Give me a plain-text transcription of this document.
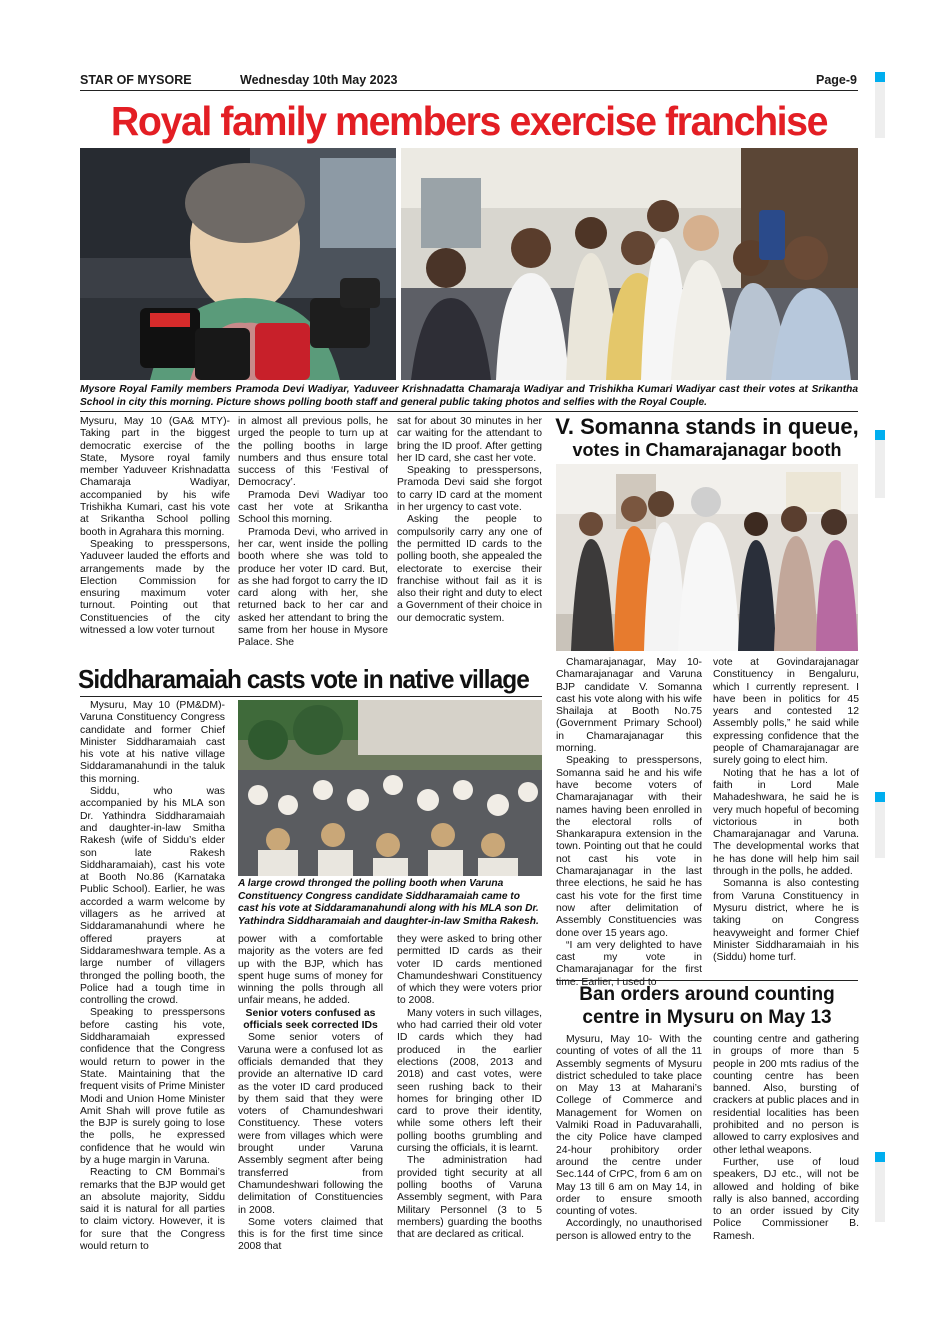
STAR OF MYSORE	Wednesday 10th May 2023	Page-9
Royal family members exercise franchise
Mysore Royal Family members Pramoda Devi Wadiyar, Yaduveer Krishnadatta Chamaraja Wadiyar and Trishikha Kumari Wadiyar cast their votes at Srikantha School in city this morning. Picture shows polling booth staff and general public taking photos and selfies with the Royal Couple.

Mysuru, May 10 (GA& MTY)- Taking part in the biggest democratic exercise of the State, Mysore royal family member Yaduveer Krishnadatta Chamaraja Wadiyar, accompanied by his wife Trishikha Kumari, cast his vote at Srikantha School polling booth in Agrahara this morning.

Speaking to presspersons, Yaduveer lauded the efforts and arrangements made by the Election Commission for ensuring maximum voter turnout. Pointing out that Constituencies of the city witnessed a low voter turnout

in almost all previous polls, he urged the people to turn up at the polling booths in large numbers and thus ensure total success of this ‘Festival of Democracy’.

Pramoda Devi Wadiyar too cast her vote at Srikantha School this morning.

Pramoda Devi, who arrived in her car, went inside the polling booth where she was told to produce her voter ID card. But, as she had forgot to carry the ID card along with her, she returned back to her car and asked her attendant to bring the same from her house in Mysore Palace. She

sat for about 30 minutes in her car waiting for the attendant to bring the ID proof. After getting her ID card, she cast her vote.

Speaking to presspersons, Pramoda Devi said she forgot to carry ID card at the moment in her urgency to cast vote.

Asking the people to compulsorily carry any one of the permitted ID cards to the polling booth, she appealed the electorate to exercise their franchise without fail as it is also their right and duty to elect a Government of their choice in our democratic system.

V. Somanna stands in queue,
votes in Chamarajanagar booth

Chamarajanagar, May 10- Chamarajanagar and Varuna BJP candidate V. Somanna cast his vote along with his wife Shailaja at Booth No.75 (Government Primary School) in Chamarajanagar this morning.

Speaking to presspersons, Somanna said he and his wife have become voters of Chamarajanagar with their names having been enrolled in the electoral rolls of Shankarapura extension in the town. Pointing out that he could not cast his vote in Chamarajanagar in the last three elections, he said he has cast his vote for the first time now after delimitation of Assembly Constituencies was done over 15 years ago.

“I am very delighted to have cast my vote in Chamarajanagar for the first time. Earlier, I used to

vote at Govindarajanagar Constituency in Bengaluru, which I currently represent. I have been in politics for 45 years and contested 12 Assembly polls,” he said while expressing confidence that the people of Chamarajanagar are surely going to elect him.

Noting that he has a lot of faith in Lord Male Mahadeshwara, he said he is very much hopeful of becoming victorious in both Chamarajanagar and Varuna. The developmental works that he has done will help him sail through in the polls, he added.

Somanna is also contesting from Varuna Constituency in Mysuru district, where he is taking on Congress heavyweight and former Chief Minister Siddharamaiah in his (Siddu) home turf.

Siddharamaiah casts vote in native village

Mysuru, May 10 (PM&DM)- Varuna Constituency Congress candidate and former Chief Minister Siddharamaiah cast his vote at his native village Siddaramanahundi in the taluk this morning.

Siddu, who was accompanied by his MLA son Dr. Yathindra Siddharamaiah and daughter-in-law Smitha Rakesh (wife of Siddu’s elder son late Rakesh Siddharamaiah), cast his vote at Booth No.86 (Karnataka Public School). Earlier, he was accorded a warm welcome by villagers as he arrived at Siddaramanahundi where he offered prayers at Siddarameshwara temple. As a large number of villagers thronged the polling booth, the Police had a tough time in controlling the crowd.

Speaking to presspersons before casting his vote, Siddharamaiah expressed confidence that the Congress would return to power in the State. Maintaining that the frequent visits of Prime Minister Modi and Union Home Minister Amit Shah will prove futile as the BJP is surely going to lose the polls, he expressed confidence that he would win by a huge margin in Varuna.

Reacting to CM Bommai’s remarks that the BJP would get an absolute majority, Siddu said it is natural for all parties to claim victory. However, it is for sure that the Congress would return to

A large crowd thronged the polling booth when Varuna Constituency Congress candidate Siddharamaiah came to cast his vote at Siddaramanahundi along with his MLA son Dr. Yathindra Siddharamaiah and daughter-in-law Smitha Rakesh.

power with a comfortable majority as the voters are fed up with the BJP, which has spent huge sums of money for winning the polls through all unfair means, he added.

Senior voters confused as officials seek corrected IDs

Some senior voters of Varuna were a confused lot as officials demanded that they provide an alternative ID card as the voter ID card produced by them said that they were voters of Chamundeshwari Constituency. These voters were from villages which were brought under Varuna Assembly segment after being transferred from Chamundeshwari following the delimitation of Constituencies in 2008.

Some voters claimed that this is for the first time since 2008 that

they were asked to bring other permitted ID cards as their voter ID cards mentioned Chamundeshwari Constituency of which they were voters prior to 2008.

Many voters in such villages, who had carried their old voter ID cards which they had produced in the earlier elections (2008, 2013 and 2018) and cast votes, were seen rushing back to their homes for bringing other ID card to prove their identity, while some others left their polling booths grumbling and cursing the officials, it is learnt.

The administration had provided tight security at all polling booths of Varuna Assembly segment, with Para Military Personnel (3 to 5 members) guarding the booths that are declared as critical.

Ban orders around counting
centre in Mysuru on May 13

Mysuru, May 10- With the counting of votes of all the 11 Assembly segments of Mysuru district scheduled to take place on May 13 at Maharani’s College of Commerce and Management for Women on Valmiki Road in Paduvarahalli, the city Police have clamped 24-hour prohibitory order around the centre under Sec.144 of CrPC, from 6 am on May 13 till 6 am on May 14, in order to ensure smooth counting of votes.

Accordingly, no unauthorised person is allowed entry to the

counting centre and gathering in groups of more than 5 people in 200 mts radius of the counting centre has been banned. Also, bursting of crackers at public places and in residential localities has been prohibited and no person is allowed to carry explosives and other lethal weapons.

Further, use of loud speakers, DJ etc., will not be allowed and holding of bike rally is also banned, according to an order issued by City Police Commissioner B. Ramesh.
